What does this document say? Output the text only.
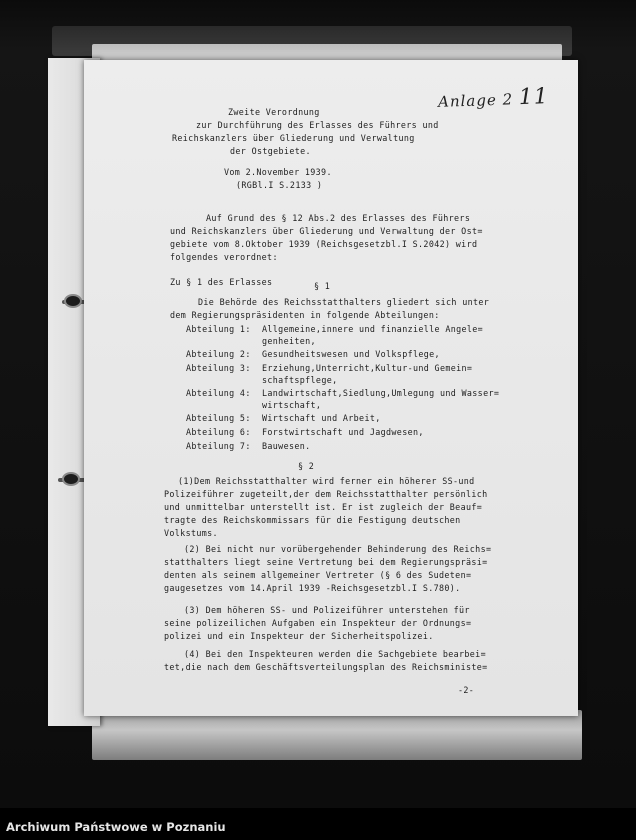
Anlage 2 11
Zweite Verordnung
zur Durchführung des Erlasses des Führers und
Reichskanzlers über Gliederung und Verwaltung
der Ostgebiete.
Vom 2.November 1939.
(RGBl.I S.2133 )
Auf Grund des § 12 Abs.2 des Erlasses des Führers
und Reichskanzlers über Gliederung und Verwaltung der Ost=
gebiete vom 8.Oktober 1939 (Reichsgesetzbl.I S.2042) wird
folgendes verordnet:
Zu § 1 des Erlasses	§ 1
Die Behörde des Reichsstatthalters gliedert sich unter
dem Regierungspräsidenten in folgende Abteilungen:
Abteilung 1: Allgemeine,innere und finanzielle Angele=
genheiten,
Abteilung 2: Gesundheitswesen und Volkspflege,
Abteilung 3: Erziehung,Unterricht,Kultur-und Gemein=
schaftspflege,
Abteilung 4: Landwirtschaft,Siedlung,Umlegung und Wasser=
wirtschaft,
Abteilung 5: Wirtschaft und Arbeit,
Abteilung 6: Forstwirtschaft und Jagdwesen,
Abteilung 7: Bauwesen.
§ 2
(1)Dem Reichsstatthalter wird ferner ein höherer SS-und
Polizeiführer zugeteilt,der dem Reichsstatthalter persönlich
und unmittelbar unterstellt ist. Er ist zugleich der Beauf=
tragte des Reichskommissars für die Festigung deutschen
Volkstums.
(2) Bei nicht nur vorübergehender Behinderung des Reichs=
statthalters liegt seine Vertretung bei dem Regierungspräsi=
denten als seinem allgemeiner Vertreter (§ 6 des Sudeten=
gaugesetzes vom 14.April 1939 -Reichsgesetzbl.I S.780).
(3) Dem höheren SS- und Polizeiführer unterstehen für
seine polizeilichen Aufgaben ein Inspekteur der Ordnungs=
polizei und ein Inspekteur der Sicherheitspolizei.
(4) Bei den Inspekteuren werden die Sachgebiete bearbei=
tet,die nach dem Geschäftsverteilungsplan des Reichsministe=
-2-
Archiwum Państwowe w Poznaniu
